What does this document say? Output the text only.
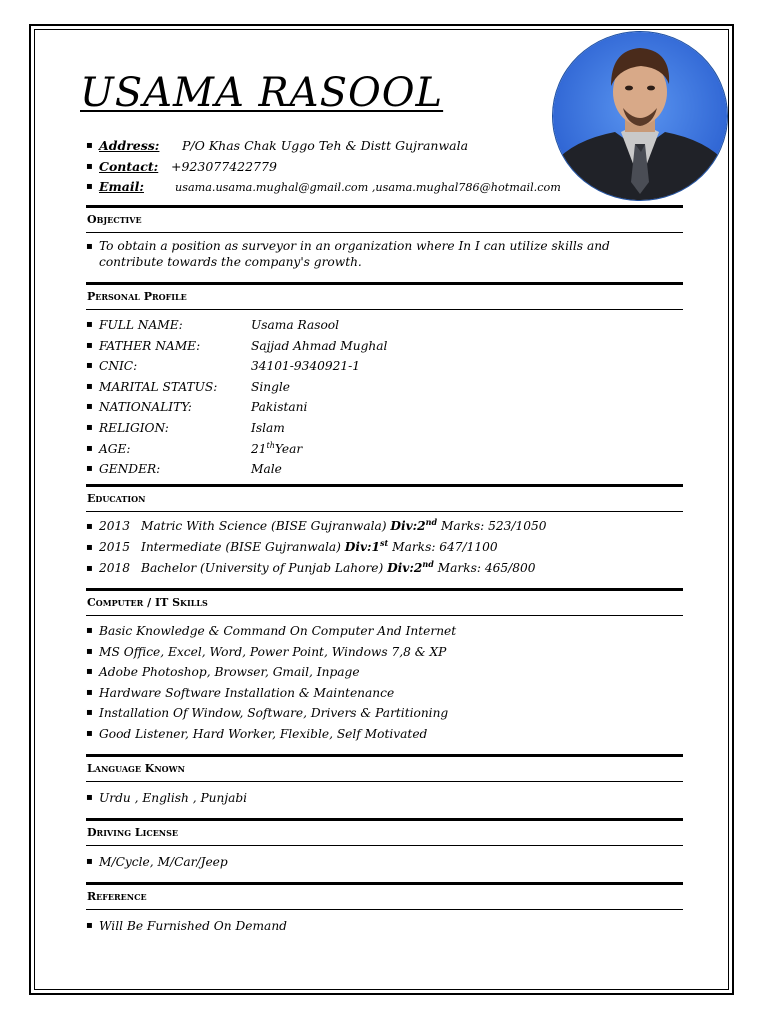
USAMA RASOOL
▪ Address: P/O Khas Chak Uggo Teh & Distt Gujranwala
▪ Contact: +923077422779
▪ Email:	usama.usama.mughal@gmail.com ,usama.mughal786@hotmail.com
Objective
▪ To obtain a position as surveyor in an organization where In I can utilize skills and
contribute towards the company's growth.
Personal Profile
▪ FULL NAME:	Usama Rasool
▪ FATHER NAME:	Sajjad Ahmad Mughal
▪ CNIC:	34101-9340921-1
▪ MARITAL STATUS:	Single
▪ NATIONALITY:	Pakistani
▪ RELIGION:	Islam
▪ AGE:	21thYear
▪ GENDER:	Male
Education
▪ 2013 Matric With Science (BISE Gujranwala) Div:2nd Marks: 523/1050
▪ 2015 Intermediate (BISE Gujranwala) Div:1st Marks: 647/1100
▪ 2018 Bachelor (University of Punjab Lahore) Div:2nd Marks: 465/800
Computer / IT Skills
▪ Basic Knowledge & Command On Computer And Internet
▪ MS Office, Excel, Word, Power Point, Windows 7,8 & XP
▪ Adobe Photoshop, Browser, Gmail, Inpage
▪ Hardware Software Installation & Maintenance
▪ Installation Of Window, Software, Drivers & Partitioning
▪ Good Listener, Hard Worker, Flexible, Self Motivated
Language Known
▪ Urdu , English , Punjabi
Driving License
▪ M/Cycle, M/Car/Jeep
Reference
▪ Will Be Furnished On Demand
